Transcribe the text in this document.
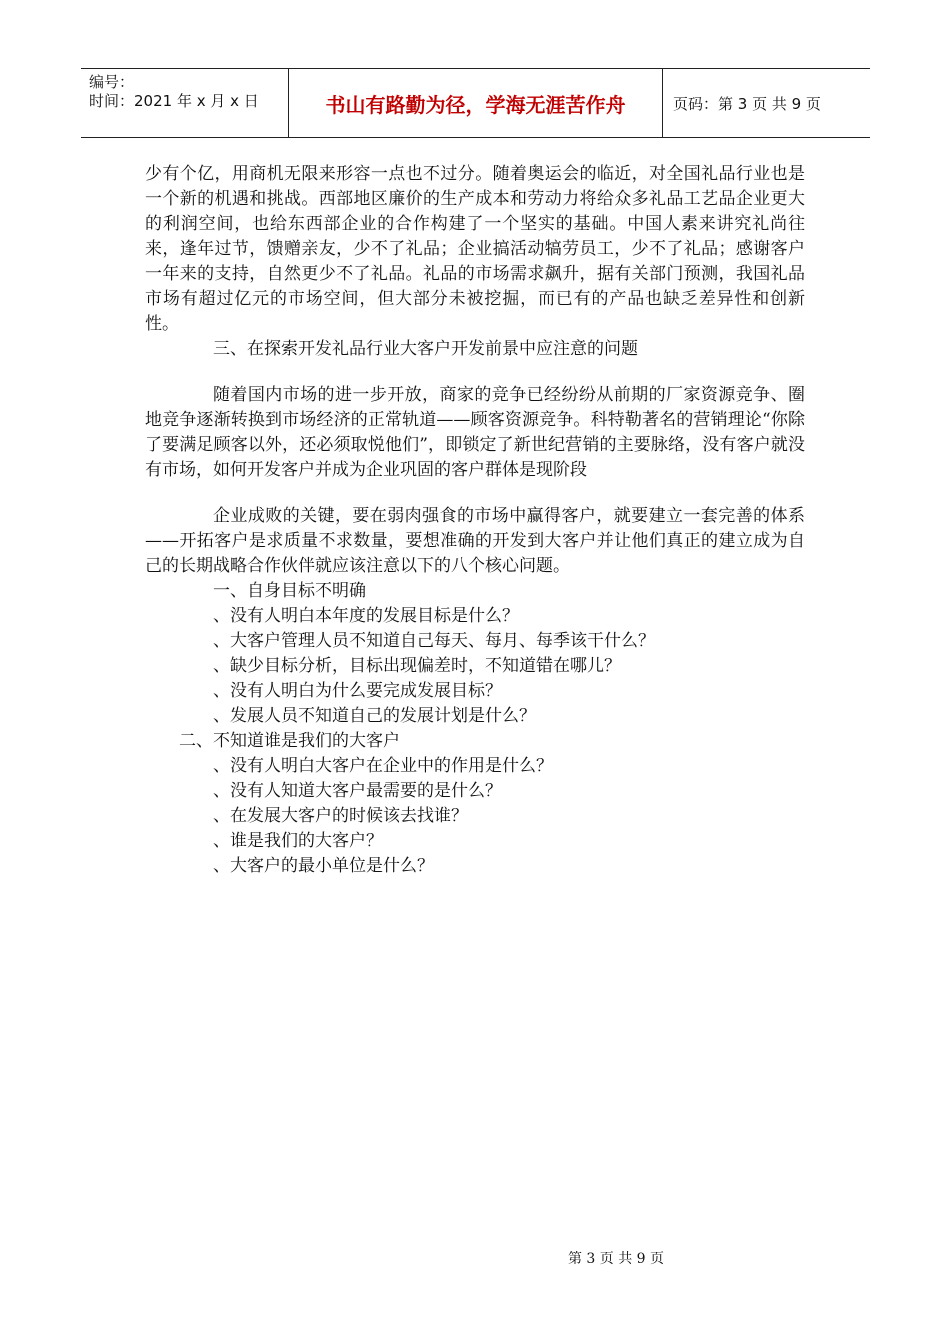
编号：
时间：2021 年 x 月 x 日	书山有路勤为径，学海无涯苦作舟	页码：第 3 页 共 9 页

少有个亿，用商机无限来形容一点也不过分。随着奥运会的临近，对全国礼品行业也是一个新的机遇和挑战。西部地区廉价的生产成本和劳动力将给众多礼品工艺品企业更大的利润空间，也给东西部企业的合作构建了一个坚实的基础。中国人素来讲究礼尚往来，逢年过节，馈赠亲友，少不了礼品；企业搞活动犒劳员工，少不了礼品；感谢客户一年来的支持，自然更少不了礼品。礼品的市场需求飙升，据有关部门预测，我国礼品市场有超过亿元的市场空间，但大部分未被挖掘，而已有的产品也缺乏差异性和创新性。

三、在探索开发礼品行业大客户开发前景中应注意的问题

随着国内市场的进一步开放，商家的竞争已经纷纷从前期的厂家资源竞争、圈地竞争逐渐转换到市场经济的正常轨道——顾客资源竞争。科特勒著名的营销理论“你除了要满足顾客以外，还必须取悦他们”，即锁定了新世纪营销的主要脉络，没有客户就没有市场，如何开发客户并成为企业巩固的客户群体是现阶段

企业成败的关键，要在弱肉强食的市场中赢得客户，就要建立一套完善的体系——开拓客户是求质量不求数量，要想准确的开发到大客户并让他们真正的建立成为自己的长期战略合作伙伴就应该注意以下的八个核心问题。

一、自身目标不明确

、没有人明白本年度的发展目标是什么？

、大客户管理人员不知道自己每天、每月、每季该干什么？

、缺少目标分析，目标出现偏差时，不知道错在哪儿？

、没有人明白为什么要完成发展目标？

、发展人员不知道自己的发展计划是什么？

二、不知道谁是我们的大客户

、没有人明白大客户在企业中的作用是什么？

、没有人知道大客户最需要的是什么？

、在发展大客户的时候该去找谁？

、谁是我们的大客户？

、大客户的最小单位是什么？

第 3 页 共 9 页
